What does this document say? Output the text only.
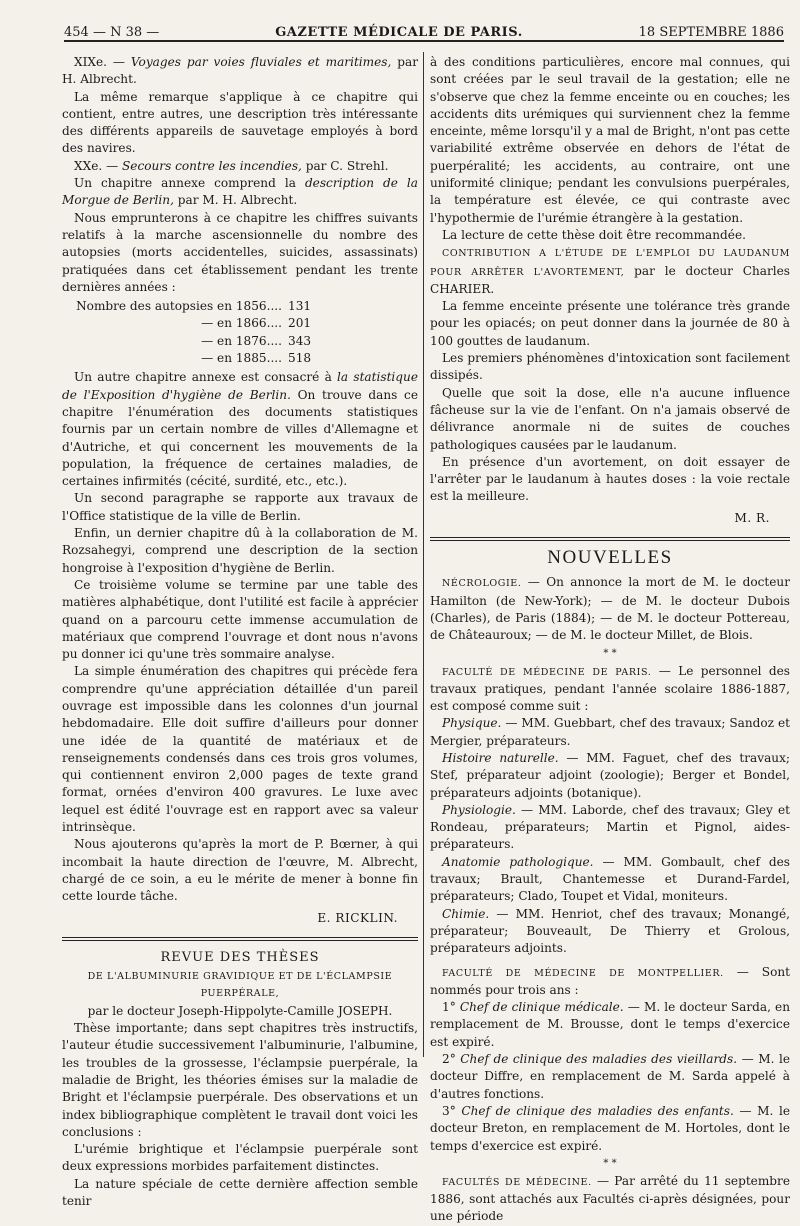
454 — N 38 —	GAZETTE MÉDICALE DE PARIS.	18 SEPTEMBRE 1886

XIXe. — Voyages par voies fluviales et maritimes, par H. Albrecht.

La même remarque s'applique à ce chapitre qui contient, entre autres, une description très intéressante des différents appareils de sauvetage employés à bord des navires.

XXe. — Secours contre les incendies, par C. Strehl.

Un chapitre annexe comprend la description de la Morgue de Berlin, par M. H. Albrecht.

Nous emprunterons à ce chapitre les chiffres suivants relatifs à la marche ascensionnelle du nombre des autopsies (morts accidentelles, suicides, assassinats) pratiquées dans cet établissement pendant les trente dernières années :

Nombre des autopsies en 1856.... 131
— en 1866.... 201
— en 1876.... 343
— en 1885.... 518

Un autre chapitre annexe est consacré à la statistique de l'Exposition d'hygiène de Berlin. On trouve dans ce chapitre l'énumération des documents statistiques fournis par un certain nombre de villes d'Allemagne et d'Autriche, et qui concernent les mouvements de la population, la fréquence de certaines maladies, de certaines infirmités (cécité, surdité, etc., etc.).

Un second paragraphe se rapporte aux travaux de l'Office statistique de la ville de Berlin.

Enfin, un dernier chapitre dû à la collaboration de M. Rozsahegyi, comprend une description de la section hongroise à l'exposition d'hygiène de Berlin.

Ce troisième volume se termine par une table des matières alphabétique, dont l'utilité est facile à apprécier quand on a parcouru cette immense accumulation de matériaux que comprend l'ouvrage et dont nous n'avons pu donner ici qu'une très sommaire analyse.

La simple énumération des chapitres qui précède fera comprendre qu'une appréciation détaillée d'un pareil ouvrage est impossible dans les colonnes d'un journal hebdomadaire. Elle doit suffire d'ailleurs pour donner une idée de la quantité de matériaux et de renseignements condensés dans ces trois gros volumes, qui contiennent environ 2,000 pages de texte grand format, ornées d'environ 400 gravures. Le luxe avec lequel est édité l'ouvrage est en rapport avec sa valeur intrinsèque.

Nous ajouterons qu'après la mort de P. Bœrner, à qui incombait la haute direction de l'œuvre, M. Albrecht, chargé de ce soin, a eu le mérite de mener à bonne fin cette lourde tâche.

E. RICKLIN.
REVUE DES THÈSES
DE L'ALBUMINURIE GRAVIDIQUE ET DE L'ÉCLAMPSIE PUERPÉRALE,
par le docteur Joseph-Hippolyte-Camille JOSEPH.

Thèse importante; dans sept chapitres très instructifs, l'auteur étudie successivement l'albuminurie, l'albumine, les troubles de la grossesse, l'éclampsie puerpérale, la maladie de Bright, les théories émises sur la maladie de Bright et l'éclampsie puerpérale. Des observations et un index bibliographique complètent le travail dont voici les conclusions :

L'urémie brightique et l'éclampsie puerpérale sont deux expressions morbides parfaitement distinctes.

La nature spéciale de cette dernière affection semble tenir

à des conditions particulières, encore mal connues, qui sont créées par le seul travail de la gestation; elle ne s'observe que chez la femme enceinte ou en couches; les accidents dits urémiques qui surviennent chez la femme enceinte, même lorsqu'il y a mal de Bright, n'ont pas cette variabilité extrême observée en dehors de l'état de puerpéralité; les accidents, au contraire, ont une uniformité clinique; pendant les convulsions puerpérales, la température est élevée, ce qui contraste avec l'hypothermie de l'urémie étrangère à la gestation.

La lecture de cette thèse doit être recommandée.

CONTRIBUTION A L'ÉTUDE DE L'EMPLOI DU LAUDANUM POUR ARRÊTER L'AVORTEMENT, par le docteur Charles CHARIER.

La femme enceinte présente une tolérance très grande pour les opiacés; on peut donner dans la journée de 80 à 100 gouttes de laudanum.

Les premiers phénomènes d'intoxication sont facilement dissipés.

Quelle que soit la dose, elle n'a aucune influence fâcheuse sur la vie de l'enfant. On n'a jamais observé de délivrance anormale ni de suites de couches pathologiques causées par le laudanum.

En présence d'un avortement, on doit essayer de l'arrêter par le laudanum à hautes doses : la voie rectale est la meilleure.

M. R.
NOUVELLES

NÉCROLOGIE. — On annonce la mort de M. le docteur Hamilton (de New-York); — de M. le docteur Dubois (Charles), de Paris (1884); — de M. le docteur Pottereau, de Châteauroux; — de M. le docteur Millet, de Blois.

* *

FACULTÉ DE MÉDECINE DE PARIS. — Le personnel des travaux pratiques, pendant l'année scolaire 1886-1887, est composé comme suit :

Physique. — MM. Guebbart, chef des travaux; Sandoz et Mergier, préparateurs.

Histoire naturelle. — MM. Faguet, chef des travaux; Stef, préparateur adjoint (zoologie); Berger et Bondel, préparateurs adjoints (botanique).

Physiologie. — MM. Laborde, chef des travaux; Gley et Rondeau, préparateurs; Martin et Pignol, aides-préparateurs.

Anatomie pathologique. — MM. Gombault, chef des travaux; Brault, Chantemesse et Durand-Fardel, préparateurs; Clado, Toupet et Vidal, moniteurs.

Chimie. — MM. Henriot, chef des travaux; Monangé, préparateur; Bouveault, De Thierry et Grolous, préparateurs adjoints.

FACULTÉ DE MÉDECINE DE MONTPELLIER. — Sont nommés pour trois ans :

1° Chef de clinique médicale. — M. le docteur Sarda, en remplacement de M. Brousse, dont le temps d'exercice est expiré.

2° Chef de clinique des maladies des vieillards. — M. le docteur Diffre, en remplacement de M. Sarda appelé à d'autres fonctions.

3° Chef de clinique des maladies des enfants. — M. le docteur Breton, en remplacement de M. Hortoles, dont le temps d'exercice est expiré.

* *

FACULTÉS DE MÉDECINE. — Par arrêté du 11 septembre 1886, sont attachés aux Facultés ci-après désignées, pour une période
